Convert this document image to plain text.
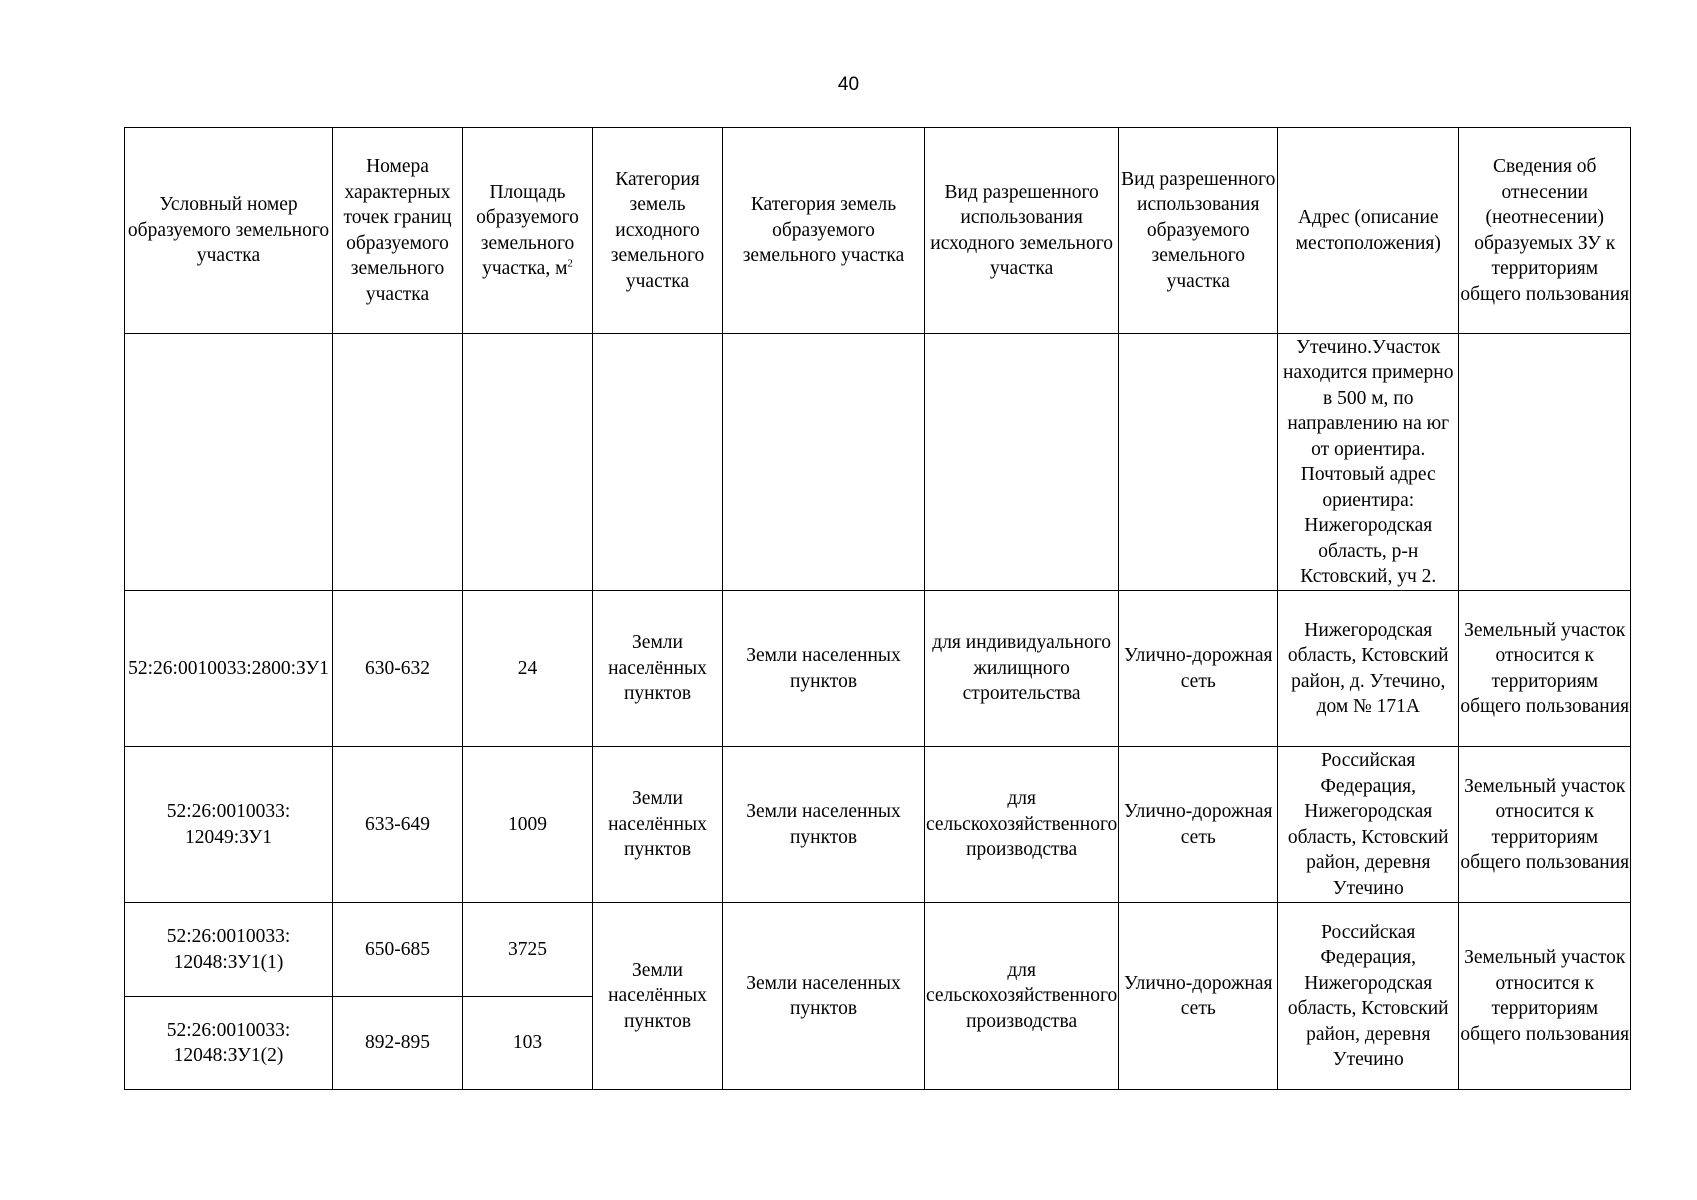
40
Условный номер образуемого земельного участка	Номера характерных точек границ образуемого земельного участка	Площадь образуемого земельного участка, $м^2$	Категория земель исходного земельного участка	Категория земель образуемого земельного участка	Вид разрешенного использования исходного земельного участка	Вид разрешенного использования образуемого земельного участка	Адрес (описание местоположения)	Сведения об отнесении (неотнесении) образуемых ЗУ к территориям общего пользования
							Утечино.Участок находится примерно в 500 м, по направлению на юг от ориентира. Почтовый адрес ориентира: Нижегородская область, р-н Кстовский, уч 2.	
52:26:0010033:2800:ЗУ1	630-632	24	Земли населённых пунктов	Земли населенных пунктов	для индивидуального жилищного строительства	Улично-дорожная сеть	Нижегородская область, Кстовский район, д. Утечино, дом № 171А	Земельный участок относится к территориям общего пользования
52:26:0010033: 12049:ЗУ1	633-649	1009	Земли населённых пунктов	Земли населенных пунктов	для сельскохозяйственного производства	Улично-дорожная сеть	Российская Федерация, Нижегородская область, Кстовский район, деревня Утечино	Земельный участок относится к территориям общего пользования
52:26:0010033: 12048:ЗУ1(1)	650-685	3725	Земли населённых пунктов	Земли населенных пунктов	для сельскохозяйственного производства	Улично-дорожная сеть	Российская Федерация, Нижегородская область, Кстовский район, деревня Утечино	Земельный участок относится к территориям общего пользования
52:26:0010033: 12048:ЗУ1(2)	892-895	103						
